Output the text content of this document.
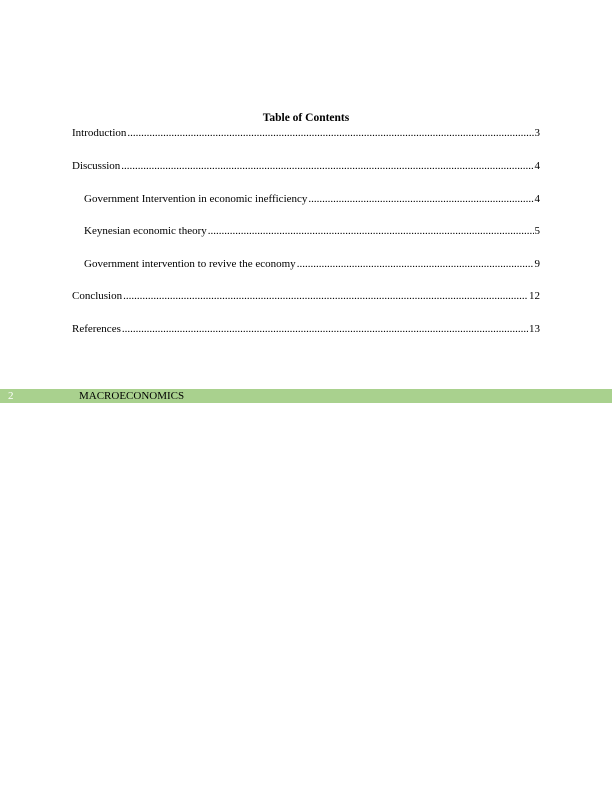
Table of Contents
Introduction .....	3
Discussion .....	4
Government Intervention in economic inefficiency .....	4
Keynesian economic theory .....	5
Government intervention to revive the economy .....	9
Conclusion .....	12
References .....	13
2	MACROECONOMICS
